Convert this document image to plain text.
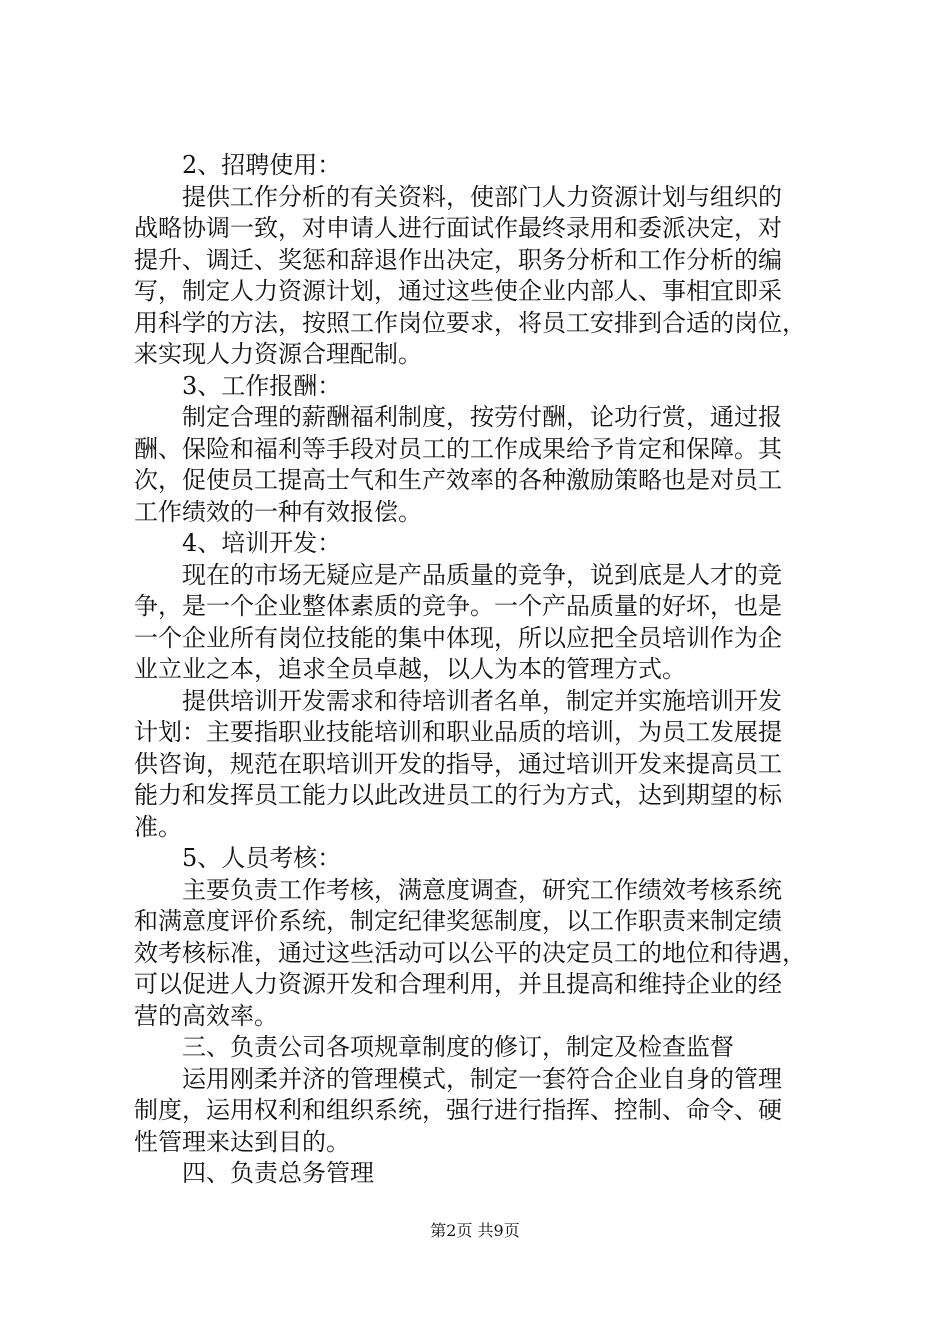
2、招聘使用：
提供工作分析的有关资料，使部门人力资源计划与组织的
战略协调一致，对申请人进行面试作最终录用和委派决定，对
提升、调迁、奖惩和辞退作出决定，职务分析和工作分析的编
写，制定人力资源计划，通过这些使企业内部人、事相宜即采
用科学的方法，按照工作岗位要求，将员工安排到合适的岗位，
来实现人力资源合理配制。
3、工作报酬：
制定合理的薪酬福利制度，按劳付酬，论功行赏，通过报
酬、保险和福利等手段对员工的工作成果给予肯定和保障。其
次，促使员工提高士气和生产效率的各种激励策略也是对员工
工作绩效的一种有效报偿。
4、培训开发：
现在的市场无疑应是产品质量的竞争，说到底是人才的竞
争，是一个企业整体素质的竞争。一个产品质量的好坏，也是
一个企业所有岗位技能的集中体现，所以应把全员培训作为企
业立业之本，追求全员卓越，以人为本的管理方式。
提供培训开发需求和待培训者名单，制定并实施培训开发
计划：主要指职业技能培训和职业品质的培训，为员工发展提
供咨询，规范在职培训开发的指导，通过培训开发来提高员工
能力和发挥员工能力以此改进员工的行为方式，达到期望的标
准。
5、人员考核：
主要负责工作考核，满意度调查，研究工作绩效考核系统
和满意度评价系统，制定纪律奖惩制度，以工作职责来制定绩
效考核标准，通过这些活动可以公平的决定员工的地位和待遇，
可以促进人力资源开发和合理利用，并且提高和维持企业的经
营的高效率。
三、负责公司各项规章制度的修订，制定及检查监督
运用刚柔并济的管理模式，制定一套符合企业自身的管理
制度，运用权利和组织系统，强行进行指挥、控制、命令、硬
性管理来达到目的。
四、负责总务管理
第2页 共9页
